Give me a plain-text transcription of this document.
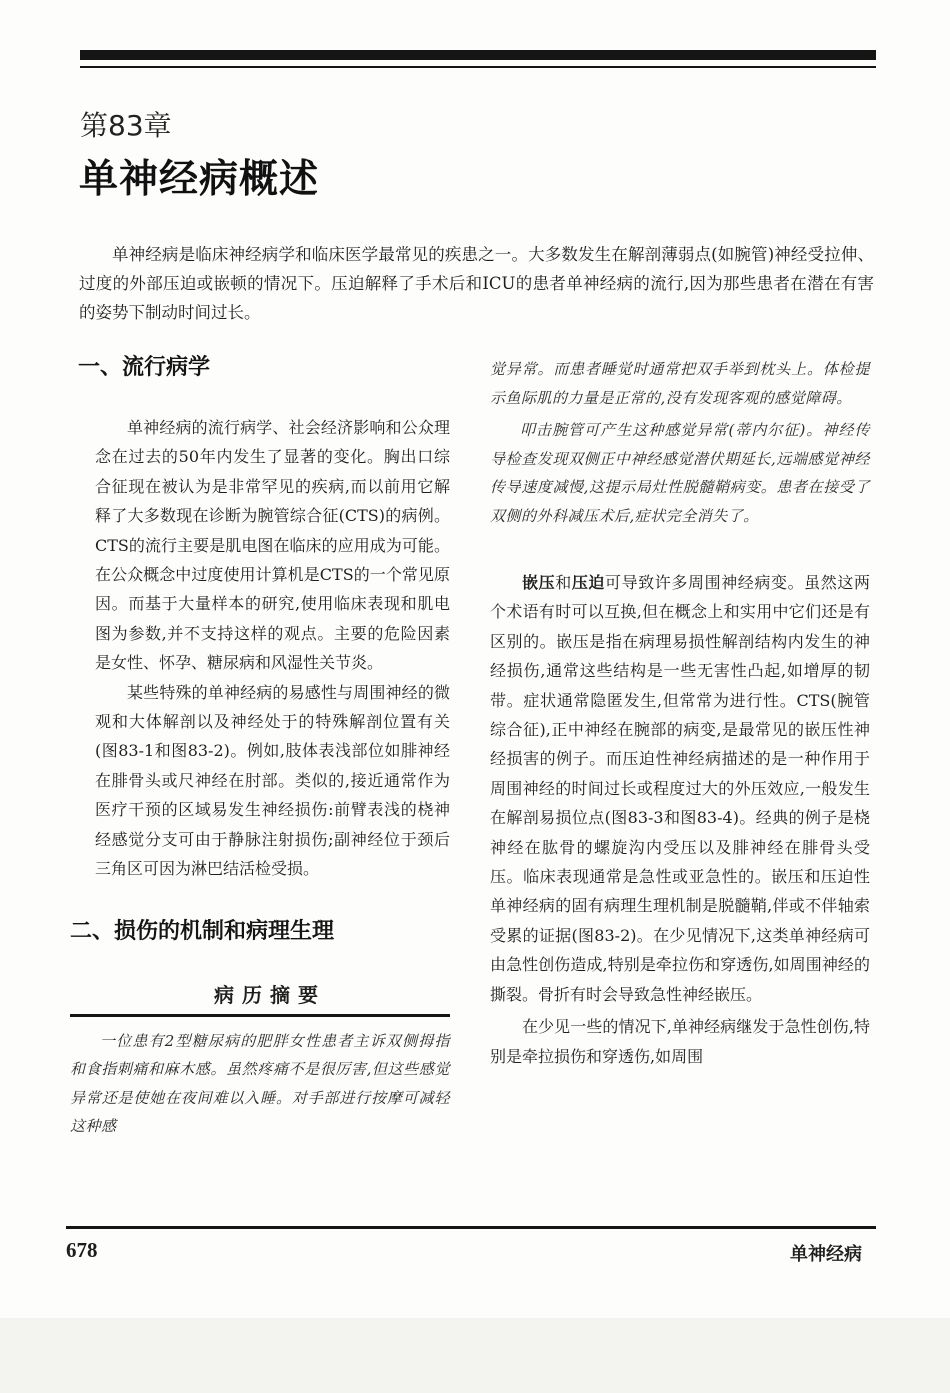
第83章
单神经病概述

单神经病是临床神经病学和临床医学最常见的疾患之一。大多数发生在解剖薄弱点(如腕管)神经受拉伸、过度的外部压迫或嵌顿的情况下。压迫解释了手术后和ICU的患者单神经病的流行,因为那些患者在潜在有害的姿势下制动时间过长。

一、流行病学

单神经病的流行病学、社会经济影响和公众理念在过去的50年内发生了显著的变化。胸出口综合征现在被认为是非常罕见的疾病,而以前用它解释了大多数现在诊断为腕管综合征(CTS)的病例。CTS的流行主要是肌电图在临床的应用成为可能。在公众概念中过度使用计算机是CTS的一个常见原因。而基于大量样本的研究,使用临床表现和肌电图为参数,并不支持这样的观点。主要的危险因素是女性、怀孕、糖尿病和风湿性关节炎。

某些特殊的单神经病的易感性与周围神经的微观和大体解剖以及神经处于的特殊解剖位置有关(图83-1和图83-2)。例如,肢体表浅部位如腓神经在腓骨头或尺神经在肘部。类似的,接近通常作为医疗干预的区域易发生神经损伤:前臂表浅的桡神经感觉分支可由于静脉注射损伤;副神经位于颈后三角区可因为淋巴结活检受损。

二、损伤的机制和病理生理
病历摘要

一位患有2型糖尿病的肥胖女性患者主诉双侧拇指和食指刺痛和麻木感。虽然疼痛不是很厉害,但这些感觉异常还是使她在夜间难以入睡。对手部进行按摩可减轻这种感

觉异常。而患者睡觉时通常把双手举到枕头上。体检提示鱼际肌的力量是正常的,没有发现客观的感觉障碍。

叩击腕管可产生这种感觉异常(蒂内尔征)。神经传导检查发现双侧正中神经感觉潜伏期延长,远端感觉神经传导速度减慢,这提示局灶性脱髓鞘病变。患者在接受了双侧的外科减压术后,症状完全消失了。

嵌压和压迫可导致许多周围神经病变。虽然这两个术语有时可以互换,但在概念上和实用中它们还是有区别的。嵌压是指在病理易损性解剖结构内发生的神经损伤,通常这些结构是一些无害性凸起,如增厚的韧带。症状通常隐匿发生,但常常为进行性。CTS(腕管综合征),正中神经在腕部的病变,是最常见的嵌压性神经损害的例子。而压迫性神经病描述的是一种作用于周围神经的时间过长或程度过大的外压效应,一般发生在解剖易损位点(图83-3和图83-4)。经典的例子是桡神经在肱骨的螺旋沟内受压以及腓神经在腓骨头受压。临床表现通常是急性或亚急性的。嵌压和压迫性单神经病的固有病理生理机制是脱髓鞘,伴或不伴轴索受累的证据(图83-2)。在少见情况下,这类单神经病可由急性创伤造成,特别是牵拉伤和穿透伤,如周围神经的撕裂。骨折有时会导致急性神经嵌压。

在少见一些的情况下,单神经病继发于急性创伤,特别是牵拉损伤和穿透伤,如周围

678	单神经病
